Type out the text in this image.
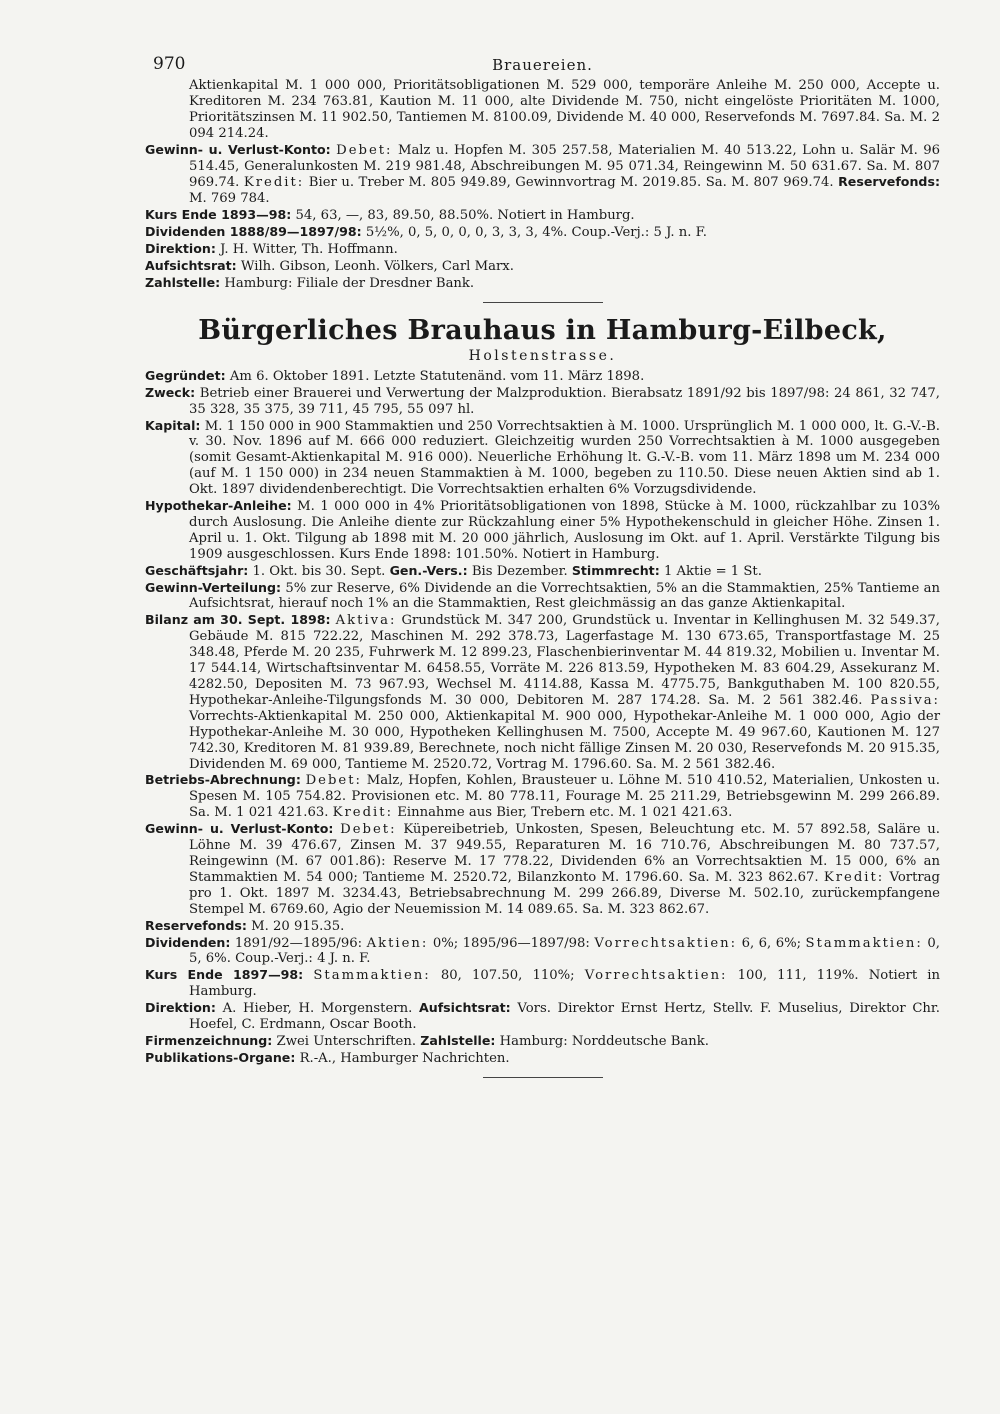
970	Brauereien.

Aktienkapital M. 1 000 000, Prioritätsobligationen M. 529 000, temporäre Anleihe M. 250 000, Accepte u. Kreditoren M. 234 763.81, Kaution M. 11 000, alte Dividende M. 750, nicht eingelöste Prioritäten M. 1000, Prioritätszinsen M. 11 902.50, Tantiemen M. 8100.09, Dividende M. 40 000, Reservefonds M. 7697.84. Sa. M. 2 094 214.24.

Gewinn- u. Verlust-Konto: Debet: Malz u. Hopfen M. 305 257.58, Materialien M. 40 513.22, Lohn u. Salär M. 96 514.45, Generalunkosten M. 219 981.48, Abschreibungen M. 95 071.34, Reingewinn M. 50 631.67. Sa. M. 807 969.74. Kredit: Bier u. Treber M. 805 949.89, Gewinnvortrag M. 2019.85. Sa. M. 807 969.74. Reservefonds: M. 769 784.

Kurs Ende 1893—98: 54, 63, —, 83, 89.50, 88.50%. Notiert in Hamburg.

Dividenden 1888/89—1897/98: 5½%, 0, 5, 0, 0, 0, 3, 3, 3, 4%. Coup.-Verj.: 5 J. n. F.

Direktion: J. H. Witter, Th. Hoffmann.

Aufsichtsrat: Wilh. Gibson, Leonh. Völkers, Carl Marx.

Zahlstelle: Hamburg: Filiale der Dresdner Bank.

Bürgerliches Brauhaus in Hamburg-Eilbeck,
Holstenstrasse.

Gegründet: Am 6. Oktober 1891. Letzte Statutenänd. vom 11. März 1898.

Zweck: Betrieb einer Brauerei und Verwertung der Malzproduktion. Bierabsatz 1891/92 bis 1897/98: 24 861, 32 747, 35 328, 35 375, 39 711, 45 795, 55 097 hl.

Kapital: M. 1 150 000 in 900 Stammaktien und 250 Vorrechtsaktien à M. 1000. Ursprünglich M. 1 000 000, lt. G.-V.-B. v. 30. Nov. 1896 auf M. 666 000 reduziert. Gleichzeitig wurden 250 Vorrechtsaktien à M. 1000 ausgegeben (somit Gesamt-Aktienkapital M. 916 000). Neuerliche Erhöhung lt. G.-V.-B. vom 11. März 1898 um M. 234 000 (auf M. 1 150 000) in 234 neuen Stammaktien à M. 1000, begeben zu 110.50. Diese neuen Aktien sind ab 1. Okt. 1897 dividendenberechtigt. Die Vorrechtsaktien erhalten 6% Vorzugsdividende.

Hypothekar-Anleihe: M. 1 000 000 in 4% Prioritätsobligationen von 1898, Stücke à M. 1000, rückzahlbar zu 103% durch Auslosung. Die Anleihe diente zur Rückzahlung einer 5% Hypothekenschuld in gleicher Höhe. Zinsen 1. April u. 1. Okt. Tilgung ab 1898 mit M. 20 000 jährlich, Auslosung im Okt. auf 1. April. Verstärkte Tilgung bis 1909 ausgeschlossen. Kurs Ende 1898: 101.50%. Notiert in Hamburg.

Geschäftsjahr: 1. Okt. bis 30. Sept. Gen.-Vers.: Bis Dezember. Stimmrecht: 1 Aktie = 1 St.

Gewinn-Verteilung: 5% zur Reserve, 6% Dividende an die Vorrechtsaktien, 5% an die Stammaktien, 25% Tantieme an Aufsichtsrat, hierauf noch 1% an die Stammaktien, Rest gleichmässig an das ganze Aktienkapital.

Bilanz am 30. Sept. 1898: Aktiva: Grundstück M. 347 200, Grundstück u. Inventar in Kellinghusen M. 32 549.37, Gebäude M. 815 722.22, Maschinen M. 292 378.73, Lagerfastage M. 130 673.65, Transportfastage M. 25 348.48, Pferde M. 20 235, Fuhrwerk M. 12 899.23, Flaschenbierinventar M. 44 819.32, Mobilien u. Inventar M. 17 544.14, Wirtschaftsinventar M. 6458.55, Vorräte M. 226 813.59, Hypotheken M. 83 604.29, Assekuranz M. 4282.50, Depositen M. 73 967.93, Wechsel M. 4114.88, Kassa M. 4775.75, Bankguthaben M. 100 820.55, Hypothekar-Anleihe-Tilgungsfonds M. 30 000, Debitoren M. 287 174.28. Sa. M. 2 561 382.46. Passiva: Vorrechts-Aktienkapital M. 250 000, Aktienkapital M. 900 000, Hypothekar-Anleihe M. 1 000 000, Agio der Hypothekar-Anleihe M. 30 000, Hypotheken Kellinghusen M. 7500, Accepte M. 49 967.60, Kautionen M. 127 742.30, Kreditoren M. 81 939.89, Berechnete, noch nicht fällige Zinsen M. 20 030, Reservefonds M. 20 915.35, Dividenden M. 69 000, Tantieme M. 2520.72, Vortrag M. 1796.60. Sa. M. 2 561 382.46.

Betriebs-Abrechnung: Debet: Malz, Hopfen, Kohlen, Brausteuer u. Löhne M. 510 410.52, Materialien, Unkosten u. Spesen M. 105 754.82. Provisionen etc. M. 80 778.11, Fourage M. 25 211.29, Betriebsgewinn M. 299 266.89. Sa. M. 1 021 421.63. Kredit: Einnahme aus Bier, Trebern etc. M. 1 021 421.63.

Gewinn- u. Verlust-Konto: Debet: Küpereibetrieb, Unkosten, Spesen, Beleuchtung etc. M. 57 892.58, Saläre u. Löhne M. 39 476.67, Zinsen M. 37 949.55, Reparaturen M. 16 710.76, Abschreibungen M. 80 737.57, Reingewinn (M. 67 001.86): Reserve M. 17 778.22, Dividenden 6% an Vorrechtsaktien M. 15 000, 6% an Stammaktien M. 54 000; Tantieme M. 2520.72, Bilanzkonto M. 1796.60. Sa. M. 323 862.67. Kredit: Vortrag pro 1. Okt. 1897 M. 3234.43, Betriebsabrechnung M. 299 266.89, Diverse M. 502.10, zurückempfangene Stempel M. 6769.60, Agio der Neuemission M. 14 089.65. Sa. M. 323 862.67.

Reservefonds: M. 20 915.35.

Dividenden: 1891/92—1895/96: Aktien: 0%; 1895/96—1897/98: Vorrechtsaktien: 6, 6, 6%; Stammaktien: 0, 5, 6%. Coup.-Verj.: 4 J. n. F.

Kurs Ende 1897—98: Stammaktien: 80, 107.50, 110%; Vorrechtsaktien: 100, 111, 119%. Notiert in Hamburg.

Direktion: A. Hieber, H. Morgenstern. Aufsichtsrat: Vors. Direktor Ernst Hertz, Stellv. F. Muselius, Direktor Chr. Hoefel, C. Erdmann, Oscar Booth.

Firmenzeichnung: Zwei Unterschriften. Zahlstelle: Hamburg: Norddeutsche Bank.

Publikations-Organe: R.-A., Hamburger Nachrichten.
